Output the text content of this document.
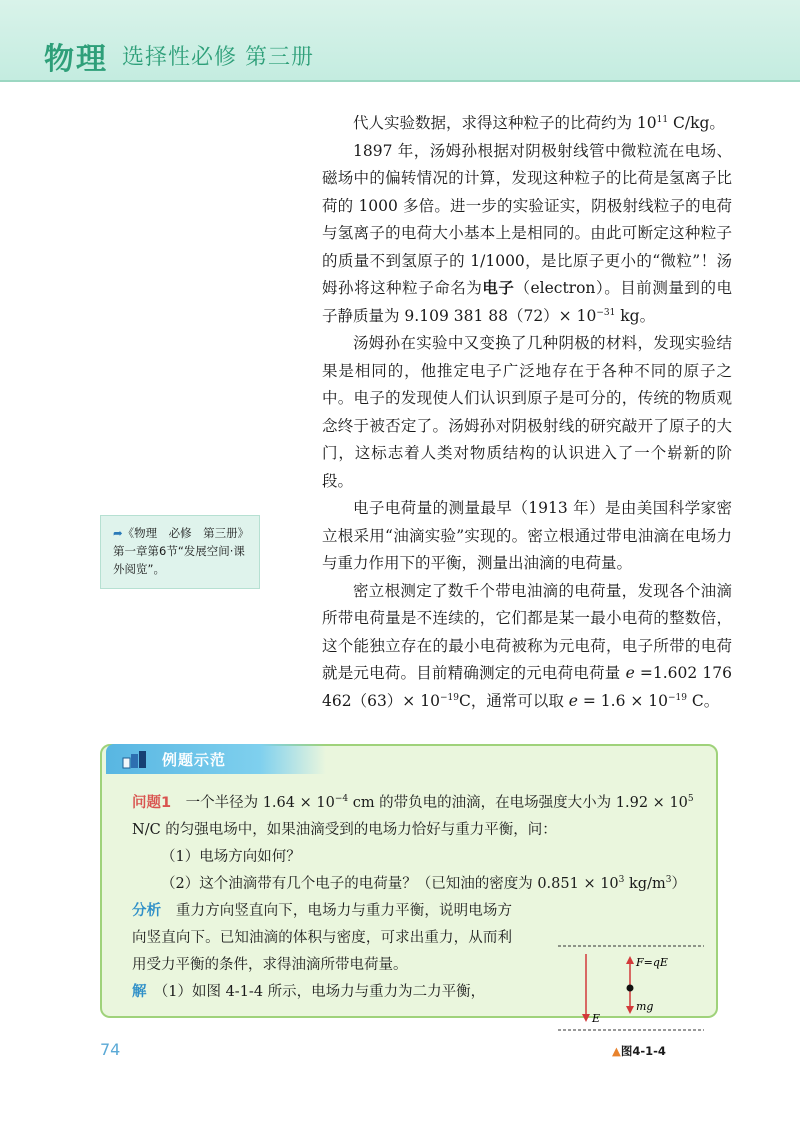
物理 选择性必修 第三册

代人实验数据，求得这种粒子的比荷约为 $10^{11}$ C/kg。

1897 年，汤姆孙根据对阴极射线管中微粒流在电场、磁场中的偏转情况的计算，发现这种粒子的比荷是氢离子比荷的 1000 多倍。进一步的实验证实，阴极射线粒子的电荷与氢离子的电荷大小基本上是相同的。由此可断定这种粒子的质量不到氢原子的 1/1000，是比原子更小的“微粒”！汤姆孙将这种粒子命名为电子（electron）。目前测量到的电子静质量为 9.109 381 $88(72)\times 10^{-31}$ kg。

汤姆孙在实验中又变换了几种阴极的材料，发现实验结果是相同的，他推定电子广泛地存在于各种不同的原子之中。电子的发现使人们认识到原子是可分的，传统的物质观念终于被否定了。汤姆孙对阴极射线的研究敲开了原子的大门，这标志着人类对物质结构的认识进入了一个崭新的阶段。

电子电荷量的测量最早（1913 年）是由美国科学家密立根采用“油滴实验”实现的。密立根通过带电油滴在电场力与重力作用下的平衡，测量出油滴的电荷量。

密立根测定了数千个带电油滴的电荷量，发现各个油滴所带电荷量是不连续的，它们都是某一最小电荷的整数倍，这个能独立存在的最小电荷被称为元电荷，电子所带的电荷就是元电荷。目前精确测定的元电荷电荷量 e =1.602 176 $462(63)\times 10^{-19}C$，通常可以取 $e = 1.6 \times 10^{-19}$ C。

➦《物理　必修　第三册》第一章第6节“发展空间·课外阅览”。
例题示范

问题1　 一个半径为 $1.64 \times 10^{-4}$ cm 的带负电的油滴，在电场强度大小为 $1.92 \times 10^5$ N/C 的匀强电场中，如果油滴受到的电场力恰好与重力平衡，问：

（1）电场方向如何？

（2）这个油滴带有几个电子的电荷量？（已知油的密度为 $0.851 \times 10^3$ $kg/m^3$）

分析　 重力方向竖直向下，电场力与重力平衡，说明电场方向竖直向下。已知油滴的体积与密度，可求出重力，从而利用受力平衡的条件，求得油滴所带电荷量。

解　 （1）如图 4-1-4 所示，电场力与重力为二力平衡，

F=qE
mg
E
▲图4-1-4
74
